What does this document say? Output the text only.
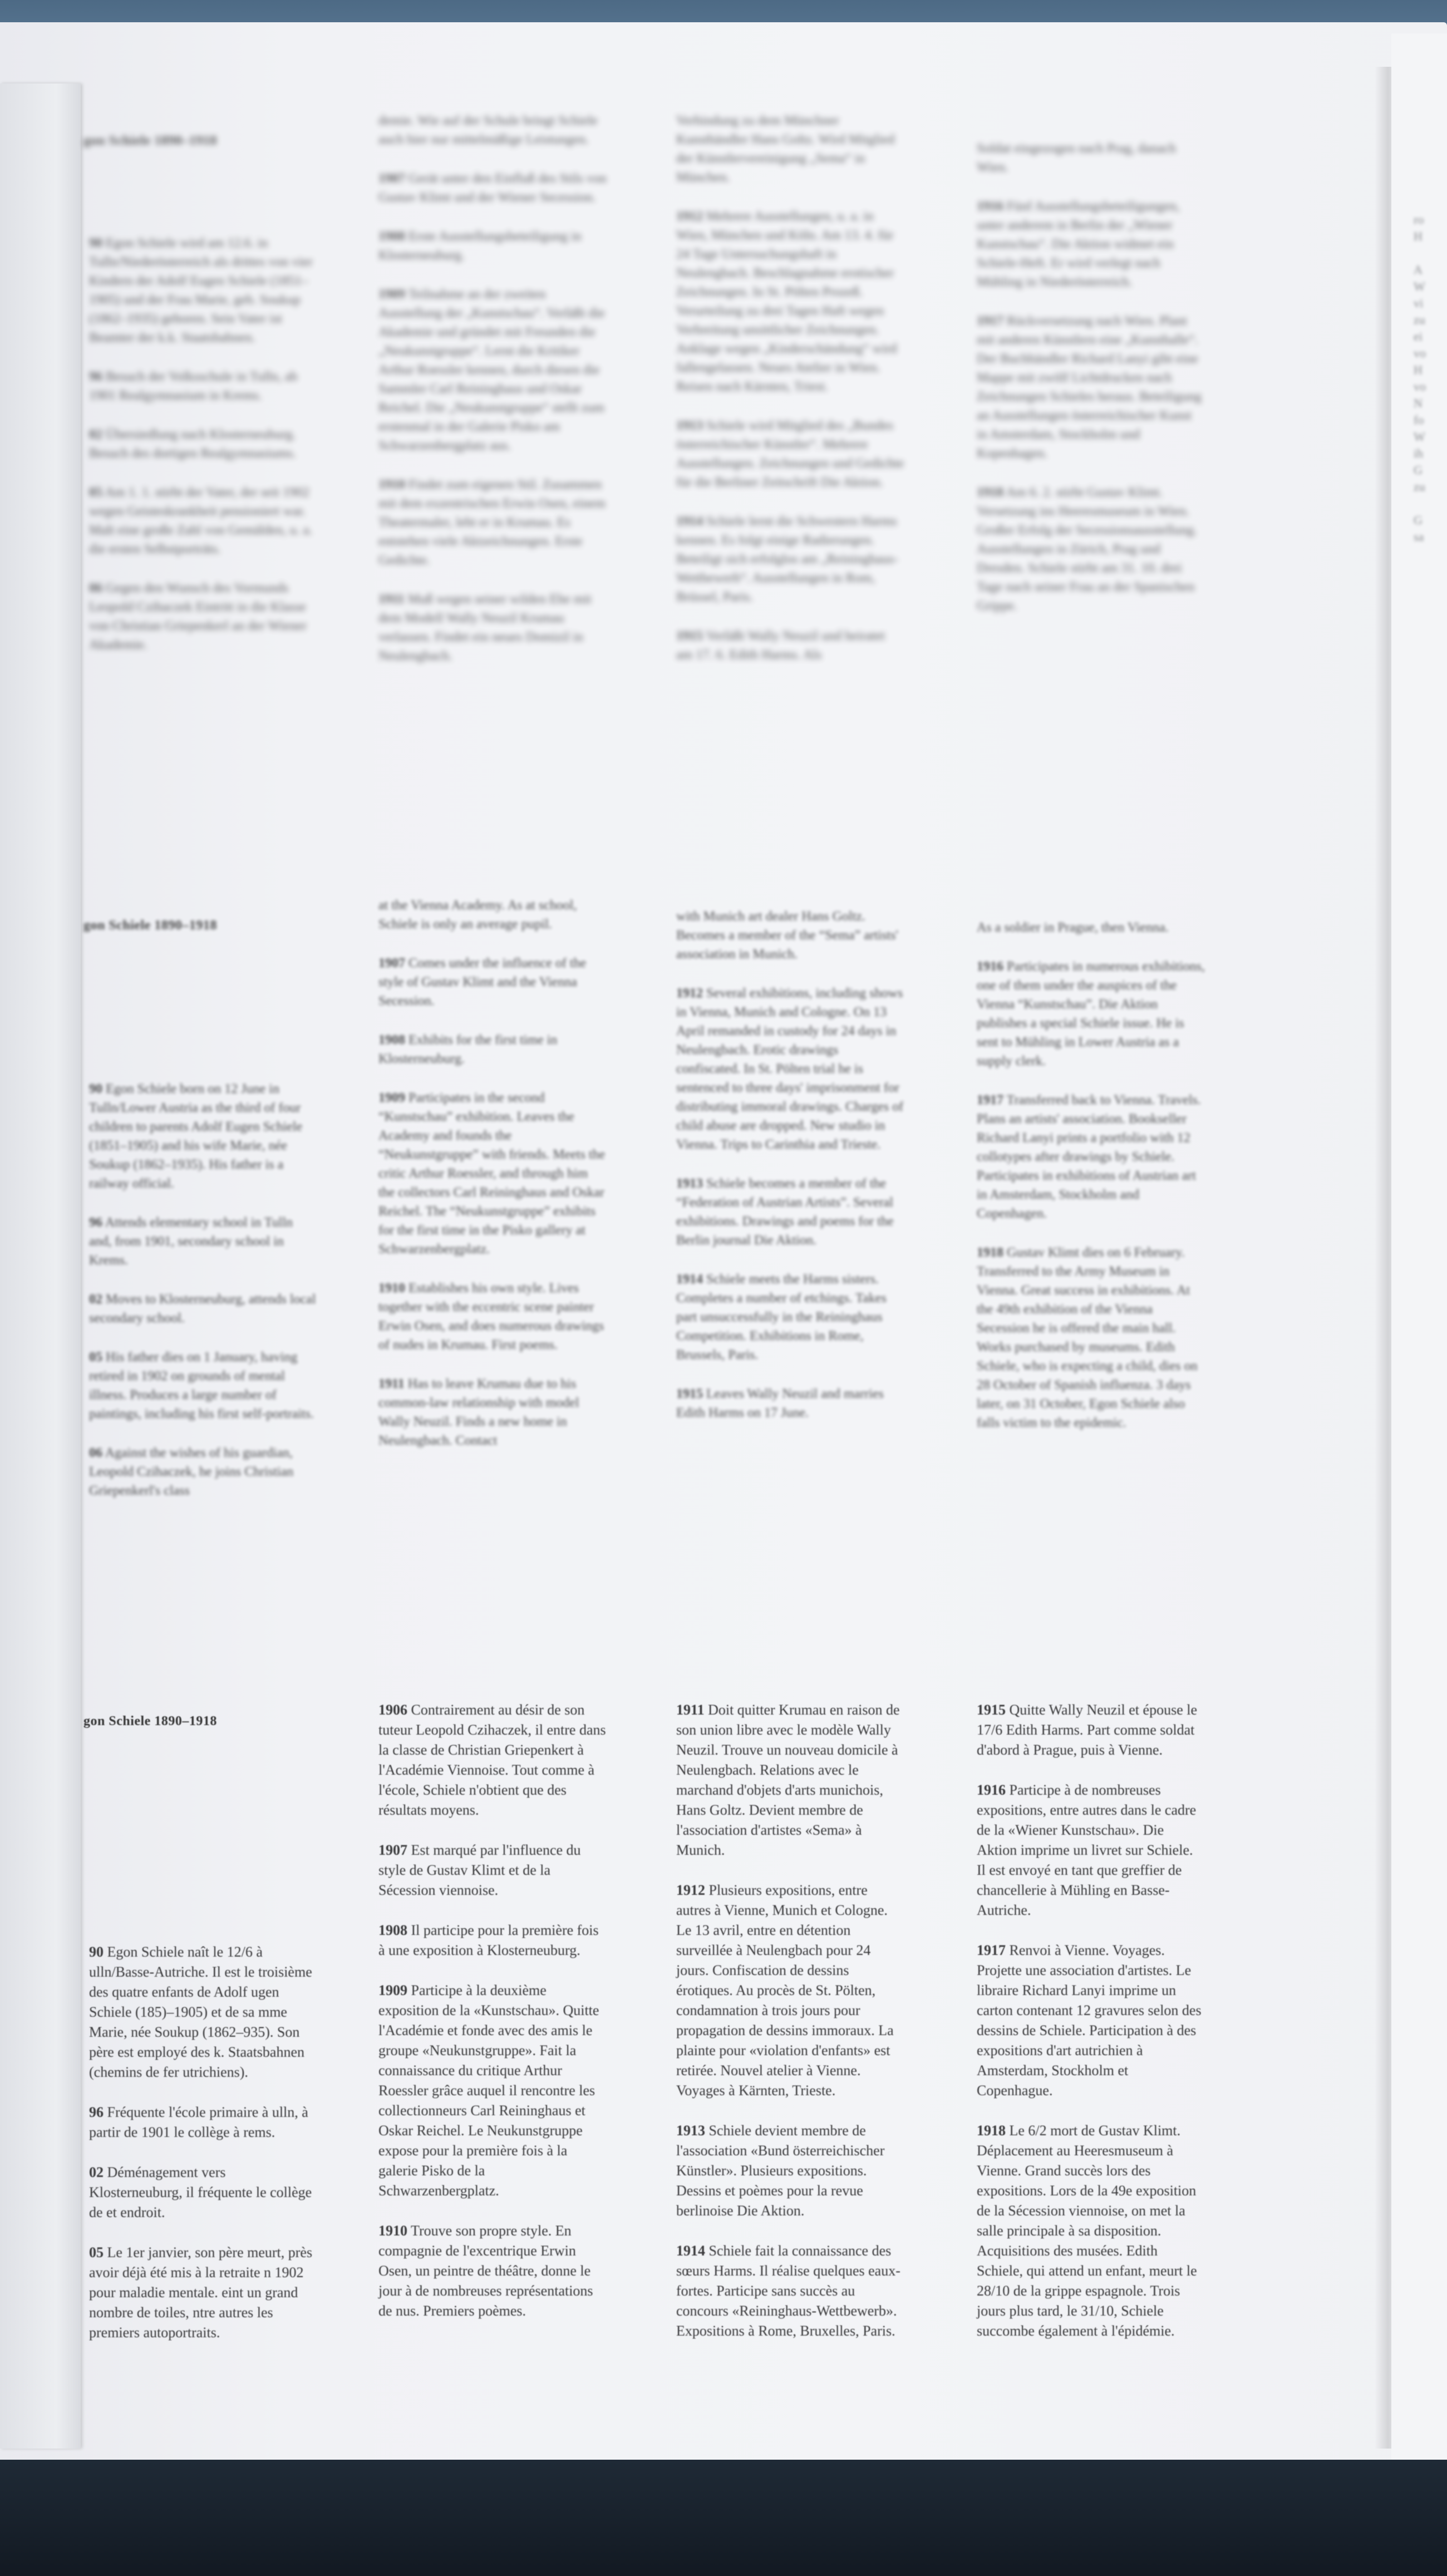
ro
H

A
W
vi
zu
ei
vo
H
vo
N
fo
W
ih
G
zu

G
sa
gon Schiele 1890–1918

90 Egon Schiele wird am 12.6. in Tulln/Niederösterreich als drittes von vier Kindern der Adolf Eugen Schiele (1851–1905) und der Frau Marie, geb. Soukup (1862–1935) geboren. Sein Vater ist Beamter der k.k. Staatsbahnen.

96 Besuch der Volksschule in Tulln, ab 1901 Realgymnasium in Krems.

02 Übersiedlung nach Klosterneuburg. Besuch des dortigen Realgymnasiums.

05 Am 1. 1. stirbt der Vater, der seit 1902 wegen Geisteskrankheit pensioniert war. Malt eine große Zahl von Gemälden, u. a. die ersten Selbstporträts.

06 Gegen den Wunsch des Vormunds Leopold Czihaczek Eintritt in die Klasse von Christian Griepenkerl an der Wiener Akademie.

demie. Wie auf der Schule bringt Schiele auch hier nur mittelmäßige Leistungen.

1907 Gerät unter den Einfluß des Stils von Gustav Klimt und der Wiener Secession.

1908 Erste Ausstellungsbeteiligung in Klosterneuburg.

1909 Teilnahme an der zweiten Ausstellung der „Kunstschau“. Verläßt die Akademie und gründet mit Freunden die „Neukunstgruppe“. Lernt die Kritiker Arthur Roessler kennen, durch diesen die Sammler Carl Reininghaus und Oskar Reichel. Die „Neukunstgruppe“ stellt zum erstenmal in der Galerie Pisko am Schwarzenbergplatz aus.

1910 Findet zum eigenen Stil. Zusammen mit dem exzentrischen Erwin Osen, einem Theatermaler, lebt er in Krumau. Es entstehen viele Aktzeichnungen. Erste Gedichte.

1911 Muß wegen seiner wilden Ehe mit dem Modell Wally Neuzil Krumau verlassen. Findet ein neues Domizil in Neulengbach.

Verbindung zu dem Münchner Kunsthändler Hans Goltz. Wird Mitglied der Künstlervereinigung „Sema“ in München.

1912 Mehrere Ausstellungen, u. a. in Wien, München und Köln. Am 13. 4. für 24 Tage Untersuchungshaft in Neulengbach. Beschlagnahme erotischer Zeichnungen. In St. Pölten Prozeß. Verurteilung zu drei Tagen Haft wegen Verbreitung unsittlicher Zeichnungen. Anklage wegen „Kinderschändung“ wird fallengelassen. Neues Atelier in Wien. Reisen nach Kärnten, Triest.

1913 Schiele wird Mitglied des „Bundes österreichischer Künstler“. Mehrere Ausstellungen. Zeichnungen und Gedichte für die Berliner Zeitschrift Die Aktion.

1914 Schiele lernt die Schwestern Harms kennen. Es folgt einige Radierungen. Beteiligt sich erfolglos am „Reininghaus-Wettbewerb“. Ausstellungen in Rom, Brüssel, Paris.

1915 Verläßt Wally Neuzil und heiratet am 17. 6. Edith Harms. Als

Soldat eingezogen nach Prag, danach Wien.

1916 Fünf Ausstellungsbeteiligungen, unter anderem in Berlin der „Wiener Kunstschau“. Die Aktion widmet ein Schiele-Heft. Er wird verlegt nach Mühling in Niederösterreich.

1917 Rückversetzung nach Wien. Plant mit anderen Künstlern eine „Kunsthalle“. Der Buchhändler Richard Lanyi gibt eine Mappe mit zwölf Lichtdrucken nach Zeichnungen Schieles heraus. Beteiligung an Ausstellungen österreichischer Kunst in Amsterdam, Stockholm und Kopenhagen.

1918 Am 6. 2. stirbt Gustav Klimt. Versetzung ins Heeresmuseum in Wien. Großer Erfolg der Secessionsausstellung. Ausstellungen in Zürich, Prag und Dresden. Schiele stirbt am 31. 10. drei Tage nach seiner Frau an der Spanischen Grippe.

gon Schiele 1890–1918

90 Egon Schiele born on 12 June in Tulln/Lower Austria as the third of four children to parents Adolf Eugen Schiele (1851–1905) and his wife Marie, née Soukup (1862–1935). His father is a railway official.

96 Attends elementary school in Tulln and, from 1901, secondary school in Krems.

02 Moves to Klosterneuburg, attends local secondary school.

05 His father dies on 1 January, having retired in 1902 on grounds of mental illness. Produces a large number of paintings, including his first self-portraits.

06 Against the wishes of his guardian, Leopold Czihaczek, he joins Christian Griepenkerl's class

at the Vienna Academy. As at school, Schiele is only an average pupil.

1907 Comes under the influence of the style of Gustav Klimt and the Vienna Secession.

1908 Exhibits for the first time in Klosterneuburg.

1909 Participates in the second “Kunstschau” exhibition. Leaves the Academy and founds the “Neukunstgruppe” with friends. Meets the critic Arthur Roessler, and through him the collectors Carl Reininghaus and Oskar Reichel. The “Neukunstgruppe” exhibits for the first time in the Pisko gallery at Schwarzenbergplatz.

1910 Establishes his own style. Lives together with the eccentric scene painter Erwin Osen, and does numerous drawings of nudes in Krumau. First poems.

1911 Has to leave Krumau due to his common-law relationship with model Wally Neuzil. Finds a new home in Neulengbach. Contact

with Munich art dealer Hans Goltz. Becomes a member of the “Sema” artists' association in Munich.

1912 Several exhibitions, including shows in Vienna, Munich and Cologne. On 13 April remanded in custody for 24 days in Neulengbach. Erotic drawings confiscated. In St. Pölten trial he is sentenced to three days' imprisonment for distributing immoral drawings. Charges of child abuse are dropped. New studio in Vienna. Trips to Carinthia and Trieste.

1913 Schiele becomes a member of the “Federation of Austrian Artists”. Several exhibitions. Drawings and poems for the Berlin journal Die Aktion.

1914 Schiele meets the Harms sisters. Completes a number of etchings. Takes part unsuccessfully in the Reininghaus Competition. Exhibitions in Rome, Brussels, Paris.

1915 Leaves Wally Neuzil and marries Edith Harms on 17 June.

As a soldier in Prague, then Vienna.

1916 Participates in numerous exhibitions, one of them under the auspices of the Vienna “Kunstschau”. Die Aktion publishes a special Schiele issue. He is sent to Mühling in Lower Austria as a supply clerk.

1917 Transferred back to Vienna. Travels. Plans an artists' association. Bookseller Richard Lanyi prints a portfolio with 12 collotypes after drawings by Schiele. Participates in exhibitions of Austrian art in Amsterdam, Stockholm and Copenhagen.

1918 Gustav Klimt dies on 6 February. Transferred to the Army Museum in Vienna. Great success in exhibitions. At the 49th exhibition of the Vienna Secession he is offered the main hall. Works purchased by museums. Edith Schiele, who is expecting a child, dies on 28 October of Spanish influenza. 3 days later, on 31 October, Egon Schiele also falls victim to the epidemic.

gon Schiele 1890–1918

90 Egon Schiele naît le 12/6 à ulln/Basse-Autriche. Il est le troisième des quatre enfants de Adolf ugen Schiele (185)–1905) et de sa mme Marie, née Soukup (1862–935). Son père est employé des k. Staatsbahnen (chemins de fer utrichiens).

96 Fréquente l'école primaire à ulln, à partir de 1901 le collège à rems.

02 Déménagement vers Klosterneuburg, il fréquente le collège de et endroit.

05 Le 1er janvier, son père meurt, près avoir déjà été mis à la retraite n 1902 pour maladie mentale. eint un grand nombre de toiles, ntre autres les premiers autoportraits.

1906 Contrairement au désir de son tuteur Leopold Czihaczek, il entre dans la classe de Christian Griepenkert à l'Académie Viennoise. Tout comme à l'école, Schiele n'obtient que des résultats moyens.

1907 Est marqué par l'influence du style de Gustav Klimt et de la Sécession viennoise.

1908 Il participe pour la première fois à une exposition à Klosterneuburg.

1909 Participe à la deuxième exposition de la «Kunstschau». Quitte l'Académie et fonde avec des amis le groupe «Neukunstgruppe». Fait la connaissance du critique Arthur Roessler grâce auquel il rencontre les collectionneurs Carl Reininghaus et Oskar Reichel. Le Neukunstgruppe expose pour la première fois à la galerie Pisko de la Schwarzenbergplatz.

1910 Trouve son propre style. En compagnie de l'excentrique Erwin Osen, un peintre de théâtre, donne le jour à de nombreuses représentations de nus. Premiers poèmes.

1911 Doit quitter Krumau en raison de son union libre avec le modèle Wally Neuzil. Trouve un nouveau domicile à Neulengbach. Relations avec le marchand d'objets d'arts munichois, Hans Goltz. Devient membre de l'association d'artistes «Sema» à Munich.

1912 Plusieurs expositions, entre autres à Vienne, Munich et Cologne. Le 13 avril, entre en détention surveillée à Neulengbach pour 24 jours. Confiscation de dessins érotiques. Au procès de St. Pölten, condamnation à trois jours pour propagation de dessins immoraux. La plainte pour «violation d'enfants» est retirée. Nouvel atelier à Vienne. Voyages à Kärnten, Trieste.

1913 Schiele devient membre de l'association «Bund österreichischer Künstler». Plusieurs expositions. Dessins et poèmes pour la revue berlinoise Die Aktion.

1914 Schiele fait la connaissance des sœurs Harms. Il réalise quelques eaux-fortes. Participe sans succès au concours «Reininghaus-Wettbewerb». Expositions à Rome, Bruxelles, Paris.

1915 Quitte Wally Neuzil et épouse le 17/6 Edith Harms. Part comme soldat d'abord à Prague, puis à Vienne.

1916 Participe à de nombreuses expositions, entre autres dans le cadre de la «Wiener Kunstschau». Die Aktion imprime un livret sur Schiele. Il est envoyé en tant que greffier de chancellerie à Mühling en Basse-Autriche.

1917 Renvoi à Vienne. Voyages. Projette une association d'artistes. Le libraire Richard Lanyi imprime un carton contenant 12 gravures selon des dessins de Schiele. Participation à des expositions d'art autrichien à Amsterdam, Stockholm et Copenhague.

1918 Le 6/2 mort de Gustav Klimt. Déplacement au Heeresmuseum à Vienne. Grand succès lors des expositions. Lors de la 49e exposition de la Sécession viennoise, on met la salle principale à sa disposition. Acquisitions des musées. Edith Schiele, qui attend un enfant, meurt le 28/10 de la grippe espagnole. Trois jours plus tard, le 31/10, Schiele succombe également à l'épidémie.
